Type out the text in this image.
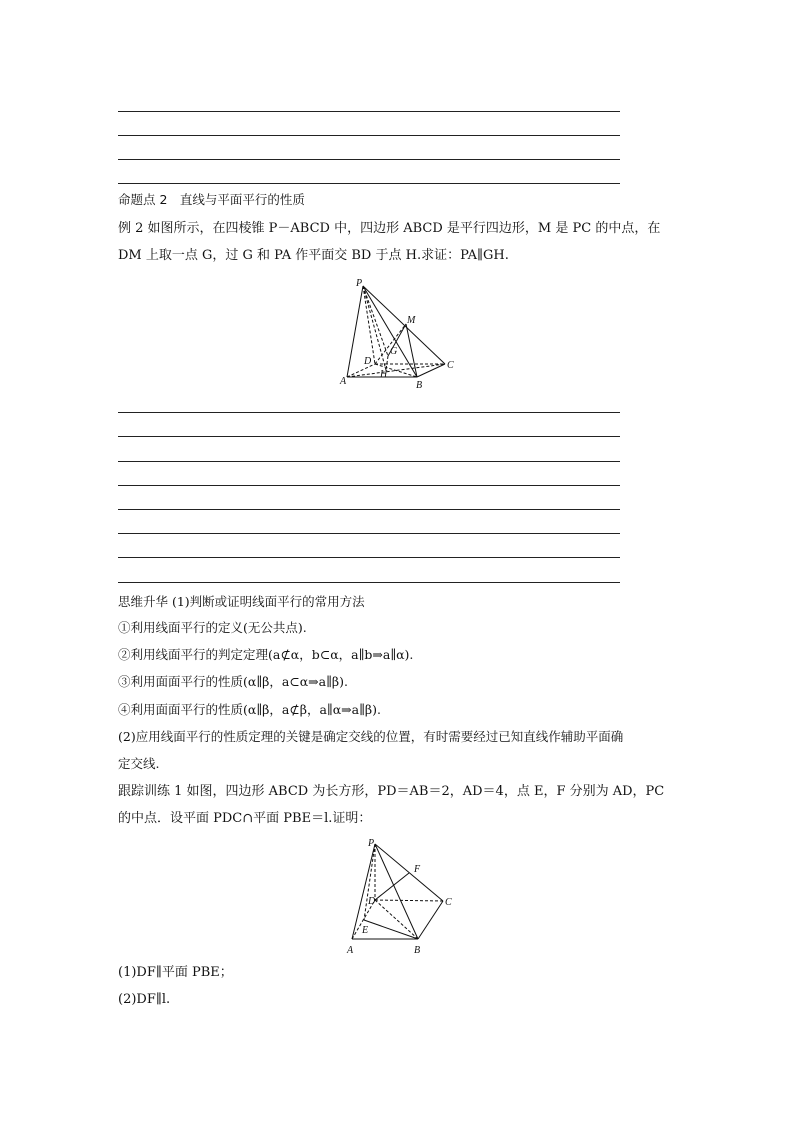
命题点 2　直线与平面平行的性质
例 2 如图所示，在四棱锥 P－ABCD 中，四边形 ABCD 是平行四边形，M 是 PC 的中点，在
DM 上取一点 G，过 G 和 PA 作平面交 BD 于点 H.求证：PA∥GH.
P
M
G
D	C
A
H
B
思维升华 (1)判断或证明线面平行的常用方法
①利用线面平行的定义(无公共点).
②利用线面平行的判定定理(a⊄α，b⊂α，a∥b⇒a∥α).
③利用面面平行的性质(α∥β，a⊂α⇒a∥β).
④利用面面平行的性质(α∥β，a⊄β，a∥α⇒a∥β).
(2)应用线面平行的性质定理的关键是确定交线的位置，有时需要经过已知直线作辅助平面确
定交线.
跟踪训练 1 如图，四边形 ABCD 为长方形，PD＝AB＝2，AD＝4，点 E，F 分别为 AD，PC
的中点．设平面 PDC∩平面 PBE＝l.证明：
P
F
D	C
E
A	B
(1)DF∥平面 PBE；
(2)DF∥l.
